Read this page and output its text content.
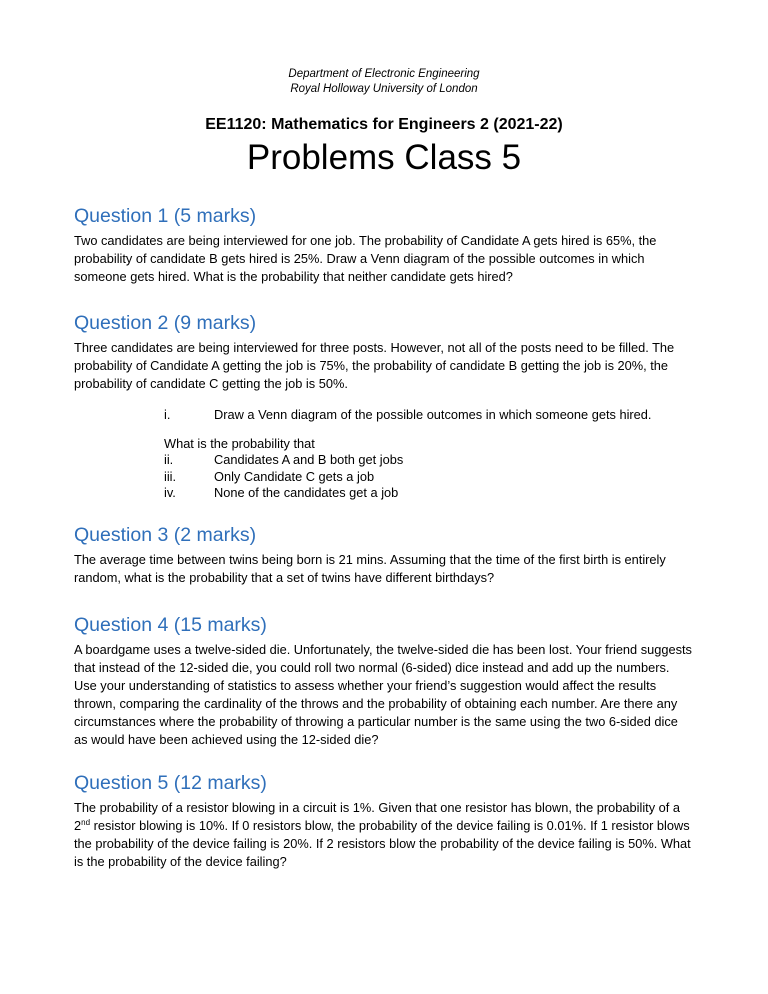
Department of Electronic Engineering
Royal Holloway University of London
EE1120: Mathematics for Engineers 2 (2021-22)
Problems Class 5
Question 1 (5 marks)

Two candidates are being interviewed for one job. The probability of Candidate A gets hired is 65%, the probability of candidate B gets hired is 25%. Draw a Venn diagram of the possible outcomes in which someone gets hired. What is the probability that neither candidate gets hired?

Question 2 (9 marks)

Three candidates are being interviewed for three posts. However, not all of the posts need to be filled. The probability of Candidate A getting the job is 75%, the probability of candidate B getting the job is 20%, the probability of candidate C getting the job is 50%.

i.	Draw a Venn diagram of the possible outcomes in which someone gets hired.
What is the probability that
ii.	Candidates A and B both get jobs
iii.	Only Candidate C gets a job
iv.	None of the candidates get a job
Question 3 (2 marks)

The average time between twins being born is 21 mins. Assuming that the time of the first birth is entirely random, what is the probability that a set of twins have different birthdays?

Question 4 (15 marks)

A boardgame uses a twelve-sided die. Unfortunately, the twelve-sided die has been lost. Your friend suggests that instead of the 12-sided die, you could roll two normal (6-sided) dice instead and add up the numbers. Use your understanding of statistics to assess whether your friend’s suggestion would affect the results thrown, comparing the cardinality of the throws and the probability of obtaining each number. Are there any circumstances where the probability of throwing a particular number is the same using the two 6-sided dice as would have been achieved using the 12-sided die?

Question 5 (12 marks)

The probability of a resistor blowing in a circuit is 1%. Given that one resistor has blown, the probability of a 2nd resistor blowing is 10%. If 0 resistors blow, the probability of the device failing is 0.01%. If 1 resistor blows the probability of the device failing is 20%. If 2 resistors blow the probability of the device failing is 50%. What is the probability of the device failing?
